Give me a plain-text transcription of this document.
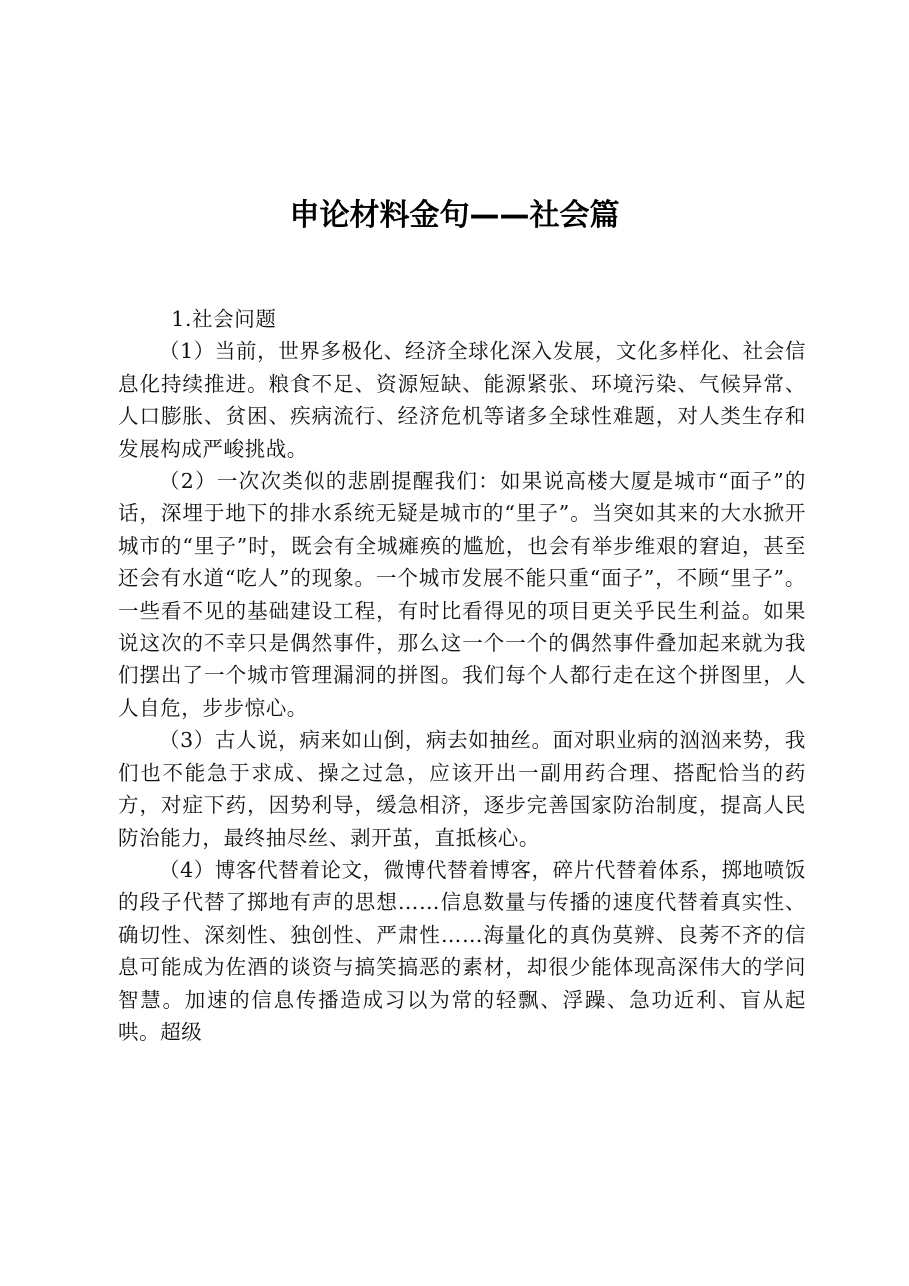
申论材料金句——社会篇

1.社会问题

（1）当前，世界多极化、经济全球化深入发展，文化多样化、社会信息化持续推进。粮食不足、资源短缺、能源紧张、环境污染、气候异常、人口膨胀、贫困、疾病流行、经济危机等诸多全球性难题，对人类生存和发展构成严峻挑战。

（2）一次次类似的悲剧提醒我们：如果说高楼大厦是城市“面子”的话，深埋于地下的排水系统无疑是城市的“里子”。当突如其来的大水掀开城市的“里子”时，既会有全城瘫痪的尴尬，也会有举步维艰的窘迫，甚至还会有水道“吃人”的现象。一个城市发展不能只重“面子”，不顾“里子”。一些看不见的基础建设工程，有时比看得见的项目更关乎民生利益。如果说这次的不幸只是偶然事件，那么这一个一个的偶然事件叠加起来就为我们摆出了一个城市管理漏洞的拼图。我们每个人都行走在这个拼图里，人人自危，步步惊心。

（3）古人说，病来如山倒，病去如抽丝。面对职业病的汹汹来势，我们也不能急于求成、操之过急，应该开出一副用药合理、搭配恰当的药方，对症下药，因势利导，缓急相济，逐步完善国家防治制度，提高人民防治能力，最终抽尽丝、剥开茧，直抵核心。

（4）博客代替着论文，微博代替着博客，碎片代替着体系，掷地喷饭的段子代替了掷地有声的思想……信息数量与传播的速度代替着真实性、确切性、深刻性、独创性、严肃性……海量化的真伪莫辨、良莠不齐的信息可能成为佐酒的谈资与搞笑搞恶的素材，却很少能体现高深伟大的学问智慧。加速的信息传播造成习以为常的轻飘、浮躁、急功近利、盲从起哄。超级
